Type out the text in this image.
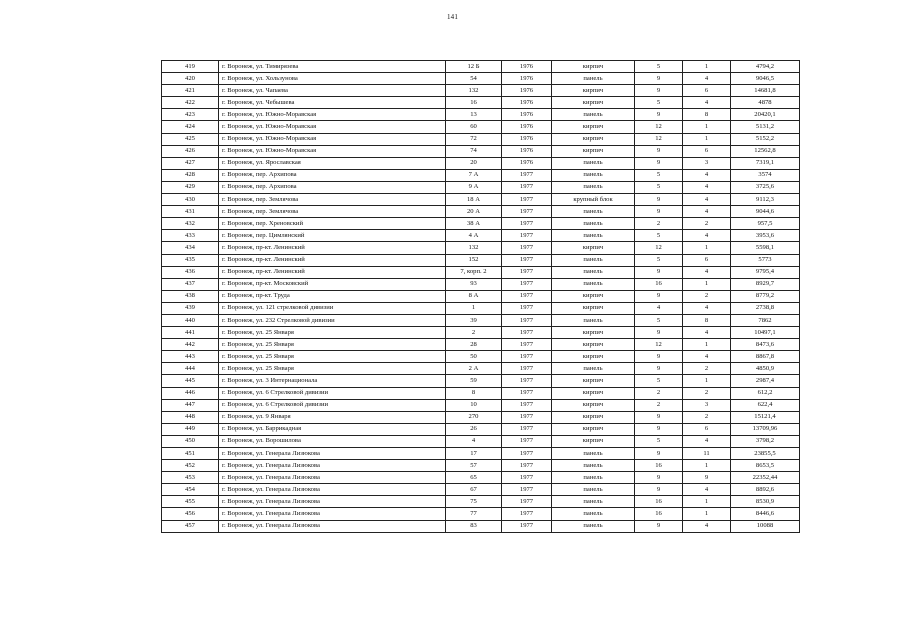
141
419	г. Воронеж, ул. Тимирязева	12 Б	1976	кирпич	5	1	4794,2
420	г. Воронеж, ул. Хользунова	54	1976	панель	9	4	9046,5
421	г. Воронеж, ул. Чапаева	132	1976	кирпич	9	6	14681,8
422	г. Воронеж, ул. Чебышева	16	1976	кирпич	5	4	4878
423	г. Воронеж, ул. Южно-Моравская	13	1976	панель	9	8	20420,1
424	г. Воронеж, ул. Южно-Моравская	60	1976	кирпич	12	1	5131,2
425	г. Воронеж, ул. Южно-Моравская	72	1976	кирпич	12	1	5152,2
426	г. Воронеж, ул. Южно-Моравская	74	1976	кирпич	9	6	12562,8
427	г. Воронеж, ул. Ярославская	20	1976	панель	9	3	7319,1
428	г. Воронеж, пер. Архипова	7 А	1977	панель	5	4	3574
429	г. Воронеж, пер. Архипова	9 А	1977	панель	5	4	3725,6
430	г. Воронеж, пер. Землячова	18 А	1977	крупный блок	9	4	9112,3
431	г. Воронеж, пер. Землячова	20 А	1977	панель	9	4	9044,6
432	г. Воронеж, пер. Хреновский	38 А	1977	панель	2	2	957,5
433	г. Воронеж, пер. Цимлянский	4 А	1977	панель	5	4	3953,6
434	г. Воронеж, пр-кт. Ленинский	132	1977	кирпич	12	1	5598,1
435	г. Воронеж, пр-кт. Ленинский	152	1977	панель	5	6	5773
436	г. Воронеж, пр-кт. Ленинский	7, корп. 2	1977	панель	9	4	9795,4
437	г. Воронеж, пр-кт. Московский	93	1977	панель	16	1	8929,7
438	г. Воронеж, пр-кт. Труда	8 А	1977	кирпич	9	2	8779,2
439	г. Воронеж, ул. 121 стрелковой дивизии	1	1977	кирпич	4	4	2738,8
440	г. Воронеж, ул. 232 Стрелковой дивизии	39	1977	панель	5	8	7862
441	г. Воронеж, ул. 25 Января	2	1977	кирпич	9	4	10497,1
442	г. Воронеж, ул. 25 Января	28	1977	кирпич	12	1	8473,6
443	г. Воронеж, ул. 25 Января	50	1977	кирпич	9	4	8867,8
444	г. Воронеж, ул. 25 Января	2 А	1977	панель	9	2	4850,9
445	г. Воронеж, ул. 3 Интернационала	59	1977	кирпич	5	1	2987,4
446	г. Воронеж, ул. 6 Стрелковой дивизии	8	1977	кирпич	2	2	612,2
447	г. Воронеж, ул. 6 Стрелковой дивизии	10	1977	кирпич	2	3	622,4
448	г. Воронеж, ул. 9 Января	270	1977	кирпич	9	2	15121,4
449	г. Воронеж, ул. Баррикадная	26	1977	кирпич	9	6	13709,96
450	г. Воронеж, ул. Ворошилова	4	1977	кирпич	5	4	3798,2
451	г. Воронеж, ул. Генерала Лизюкова	17	1977	панель	9	11	23855,5
452	г. Воронеж, ул. Генерала Лизюкова	57	1977	панель	16	1	8653,5
453	г. Воронеж, ул. Генерала Лизюкова	65	1977	панель	9	9	22352,44
454	г. Воронеж, ул. Генерала Лизюкова	67	1977	панель	9	4	8892,6
455	г. Воронеж, ул. Генерала Лизюкова	75	1977	панель	16	1	8530,9
456	г. Воронеж, ул. Генерала Лизюкова	77	1977	панель	16	1	8446,6
457	г. Воронеж, ул. Генерала Лизюкова	83	1977	панель	9	4	10088
